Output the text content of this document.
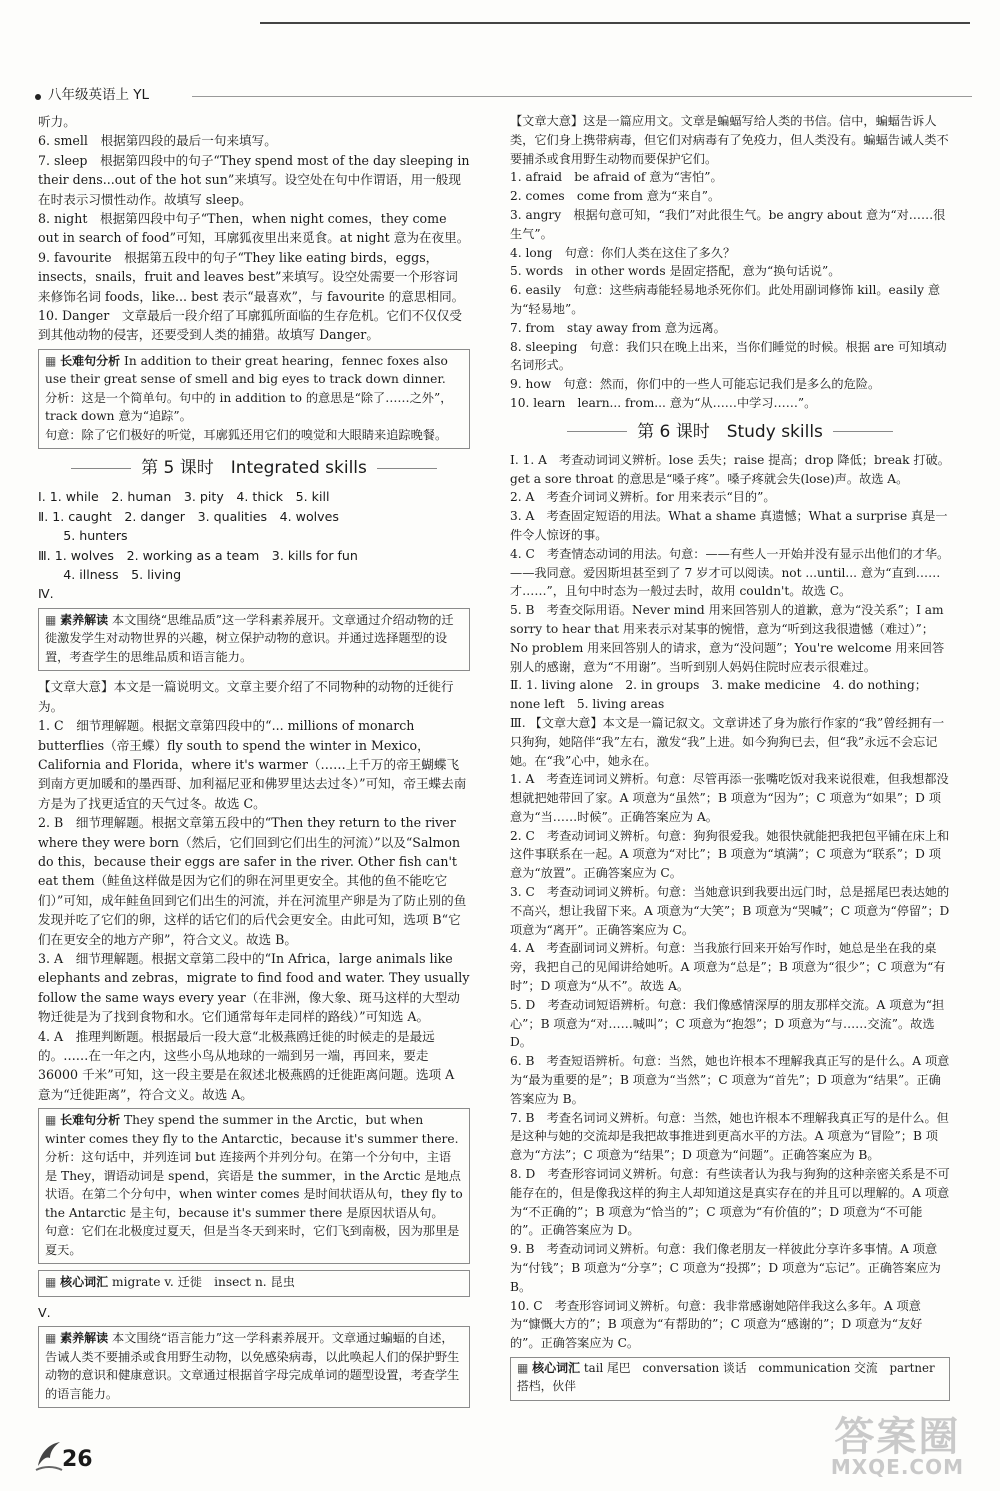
八年级英语上 YL
听力。
6. smell　根据第四段的最后一句来填写。
7. sleep　根据第四段中的句子“They spend most of the day sleeping in their dens...out of the hot sun”来填写。设空处在句中作谓语，用一般现在时表示习惯性动作。故填写 sleep。
8. night　根据第四段中句子“Then，when night comes，they come out in search of food”可知，耳廓狐夜里出来觅食。at night 意为在夜里。
9. favourite　根据第五段中的句子“They like eating birds，eggs，insects，snails，fruit and leaves best”来填写。设空处需要一个形容词来修饰名词 foods，like... best 表示“最喜欢”，与 favourite 的意思相同。
10. Danger　文章最后一段介绍了耳廓狐所面临的生存危机。它们不仅仅受到其他动物的侵害，还要受到人类的捕猎。故填写 Danger。
▦ 长难句分析 In addition to their great hearing，fennec foxes also use their great sense of smell and big eyes to track down dinner.
分析：这是一个简单句。句中的 in addition to 的意思是“除了……之外”，track down 意为“追踪”。
句意：除了它们极好的听觉，耳廓狐还用它们的嗅觉和大眼睛来追踪晚餐。
第 5 课时　Integrated skills
Ⅰ. 1. while　2. human　3. pity　4. thick　5. kill
Ⅱ. 1. caught　2. danger　3. qualities　4. wolves
　　5. hunters
Ⅲ. 1. wolves　2. working as a team　3. kills for fun
　　4. illness　5. living
Ⅳ.
▦ 素养解读 本文围绕“思维品质”这一学科素养展开。文章通过介绍动物的迁徙激发学生对动物世界的兴趣，树立保护动物的意识。并通过选择题型的设置，考查学生的思维品质和语言能力。
【文章大意】本文是一篇说明文。文章主要介绍了不同物种的动物的迁徙行为。
1. C　细节理解题。根据文章第四段中的“... millions of monarch butterflies（帝王蝶）fly south to spend the winter in Mexico，California and Florida，where it's warmer（……上千万的帝王蝴蝶飞到南方更加暖和的墨西哥、加利福尼亚和佛罗里达去过冬）”可知，帝王蝶去南方是为了找更适宜的天气过冬。故选 C。
2. B　细节理解题。根据文章第五段中的“Then they return to the river where they were born（然后，它们回到它们出生的河流）”以及“Salmon do this，because their eggs are safer in the river. Other fish can't eat them（鲑鱼这样做是因为它们的卵在河里更安全。其他的鱼不能吃它们）”可知，成年鲑鱼回到它们出生的河流，并在河流里产卵是为了防止别的鱼发现并吃了它们的卵，这样的话它们的后代会更安全。由此可知，选项 B“它们在更安全的地方产卵”，符合文义。故选 B。
3. A　细节理解题。根据文章第二段中的“In Africa，large animals like elephants and zebras，migrate to find food and water. They usually follow the same ways every year（在非洲，像大象、斑马这样的大型动物迁徙是为了找到食物和水。它们通常每年走同样的路线）”可知选 A。
4. A　推理判断题。根据最后一段大意“北极燕鸥迁徙的时候走的是最远的。……在一年之内，这些小鸟从地球的一端到另一端，再回来，要走 36000 千米”可知，这一段主要是在叙述北极燕鸥的迁徙距离问题。选项 A 意为“迁徙距离”，符合文义。故选 A。
▦ 长难句分析 They spend the summer in the Arctic，but when winter comes they fly to the Antarctic，because it's summer there.
分析：这句话中，并列连词 but 连接两个并列分句。在第一个分句中，主语是 They，谓语动词是 spend，宾语是 the summer，in the Arctic 是地点状语。在第二个分句中，when winter comes 是时间状语从句，they fly to the Antarctic 是主句，because it's summer there 是原因状语从句。
句意：它们在北极度过夏天，但是当冬天到来时，它们飞到南极，因为那里是夏天。
▦ 核心词汇 migrate v. 迁徙　insect n. 昆虫
Ⅴ.
▦ 素养解读 本文围绕“语言能力”这一学科素养展开。文章通过蝙蝠的自述，告诫人类不要捕杀或食用野生动物，以免感染病毒，以此唤起人们的保护野生动物的意识和健康意识。文章通过根据首字母完成单词的题型设置，考查学生的语言能力。
【文章大意】这是一篇应用文。文章是蝙蝠写给人类的书信。信中，蝙蝠告诉人类，它们身上携带病毒，但它们对病毒有了免疫力，但人类没有。蝙蝠告诫人类不要捕杀或食用野生动物而要保护它们。
1. afraid　be afraid of 意为“害怕”。
2. comes　come from 意为“来自”。
3. angry　根据句意可知，“我们”对此很生气。be angry about 意为“对……很生气”。
4. long　句意：你们人类在这住了多久？
5. words　in other words 是固定搭配，意为“换句话说”。
6. easily　句意：这些病毒能轻易地杀死你们。此处用副词修饰 kill。easily 意为“轻易地”。
7. from　stay away from 意为远离。
8. sleeping　句意：我们只在晚上出来，当你们睡觉的时候。根据 are 可知填动名词形式。
9. how　句意：然而，你们中的一些人可能忘记我们是多么的危险。
10. learn　learn... from... 意为“从……中学习……”。
第 6 课时　Study skills
Ⅰ. 1. A　考查动词词义辨析。lose 丢失；raise 提高；drop 降低；break 打破。get a sore throat 的意思是“嗓子疼”。嗓子疼就会失(lose)声。故选 A。
2. A　考查介词词义辨析。for 用来表示“目的”。
3. A　考查固定短语的用法。What a shame 真遗憾；What a surprise 真是一件令人惊讶的事。
4. C　考查情态动词的用法。句意：——有些人一开始并没有显示出他们的才华。——我同意。爱因斯坦甚至到了 7 岁才可以阅读。not ...until... 意为“直到……才……”，且句中时态为一般过去时，故用 couldn't。故选 C。
5. B　考查交际用语。Never mind 用来回答别人的道歉，意为“没关系”；I am sorry to hear that 用来表示对某事的惋惜，意为“听到这我很遗憾（难过）”；No problem 用来回答别人的请求，意为“没问题”；You're welcome 用来回答别人的感谢，意为“不用谢”。当听到别人妈妈住院时应表示很难过。
Ⅱ. 1. living alone　2. in groups　3. make medicine　4. do nothing；none left　5. living areas
Ⅲ. 【文章大意】本文是一篇记叙文。文章讲述了身为旅行作家的“我”曾经拥有一只狗狗，她陪伴“我”左右，激发“我”上进。如今狗狗已去，但“我”永远不会忘记她。在“我”心中，她永在。
1. A　考查连词词义辨析。句意：尽管再添一张嘴吃饭对我来说很难，但我想都没想就把她带回了家。A 项意为“虽然”；B 项意为“因为”；C 项意为“如果”；D 项意为“当……时候”。正确答案应为 A。
2. C　考查动词词义辨析。句意：狗狗很爱我。她很快就能把我把包平铺在床上和这件事联系在一起。A 项意为“对比”；B 项意为“填满”；C 项意为“联系”；D 项意为“放置”。正确答案应为 C。
3. C　考查动词词义辨析。句意：当她意识到我要出远门时，总是摇尾巴表达她的不高兴，想让我留下来。A 项意为“大笑”；B 项意为“哭喊”；C 项意为“停留”；D 项意为“离开”。正确答案应为 C。
4. A　考查副词词义辨析。句意：当我旅行回来开始写作时，她总是坐在我的桌旁，我把自己的见闻讲给她听。A 项意为“总是”；B 项意为“很少”；C 项意为“有时”；D 项意为“从不”。故选 A。
5. D　考查动词短语辨析。句意：我们像感情深厚的朋友那样交流。A 项意为“担心”；B 项意为“对……喊叫”；C 项意为“抱怨”；D 项意为“与……交流”。故选 D。
6. B　考查短语辨析。句意：当然，她也许根本不理解我真正写的是什么。A 项意为“最为重要的是”；B 项意为“当然”；C 项意为“首先”；D 项意为“结果”。正确答案应为 B。
7. B　考查名词词义辨析。句意：当然，她也许根本不理解我真正写的是什么。但是这种与她的交流却是我把故事推进到更高水平的方法。A 项意为“冒险”；B 项意为“方法”；C 项意为“结果”；D 项意为“问题”。正确答案应为 B。
8. D　考查形容词词义辨析。句意：有些读者认为我与狗狗的这种亲密关系是不可能存在的，但是像我这样的狗主人却知道这是真实存在的并且可以理解的。A 项意为“不正确的”；B 项意为“恰当的”；C 项意为“有价值的”；D 项意为“不可能的”。正确答案应为 D。
9. B　考查动词词义辨析。句意：我们像老朋友一样彼此分享许多事情。A 项意为“付钱”；B 项意为“分享”；C 项意为“投掷”；D 项意为“忘记”。正确答案应为 B。
10. C　考查形容词词义辨析。句意：我非常感谢她陪伴我这么多年。A 项意为“慷慨大方的”；B 项意为“有帮助的”；C 项意为“感谢的”；D 项意为“友好的”。正确答案应为 C。
▦ 核心词汇 tail 尾巴　conversation 谈话　communication 交流　partner 搭档，伙伴
26	答案圈
MXQE.COM
